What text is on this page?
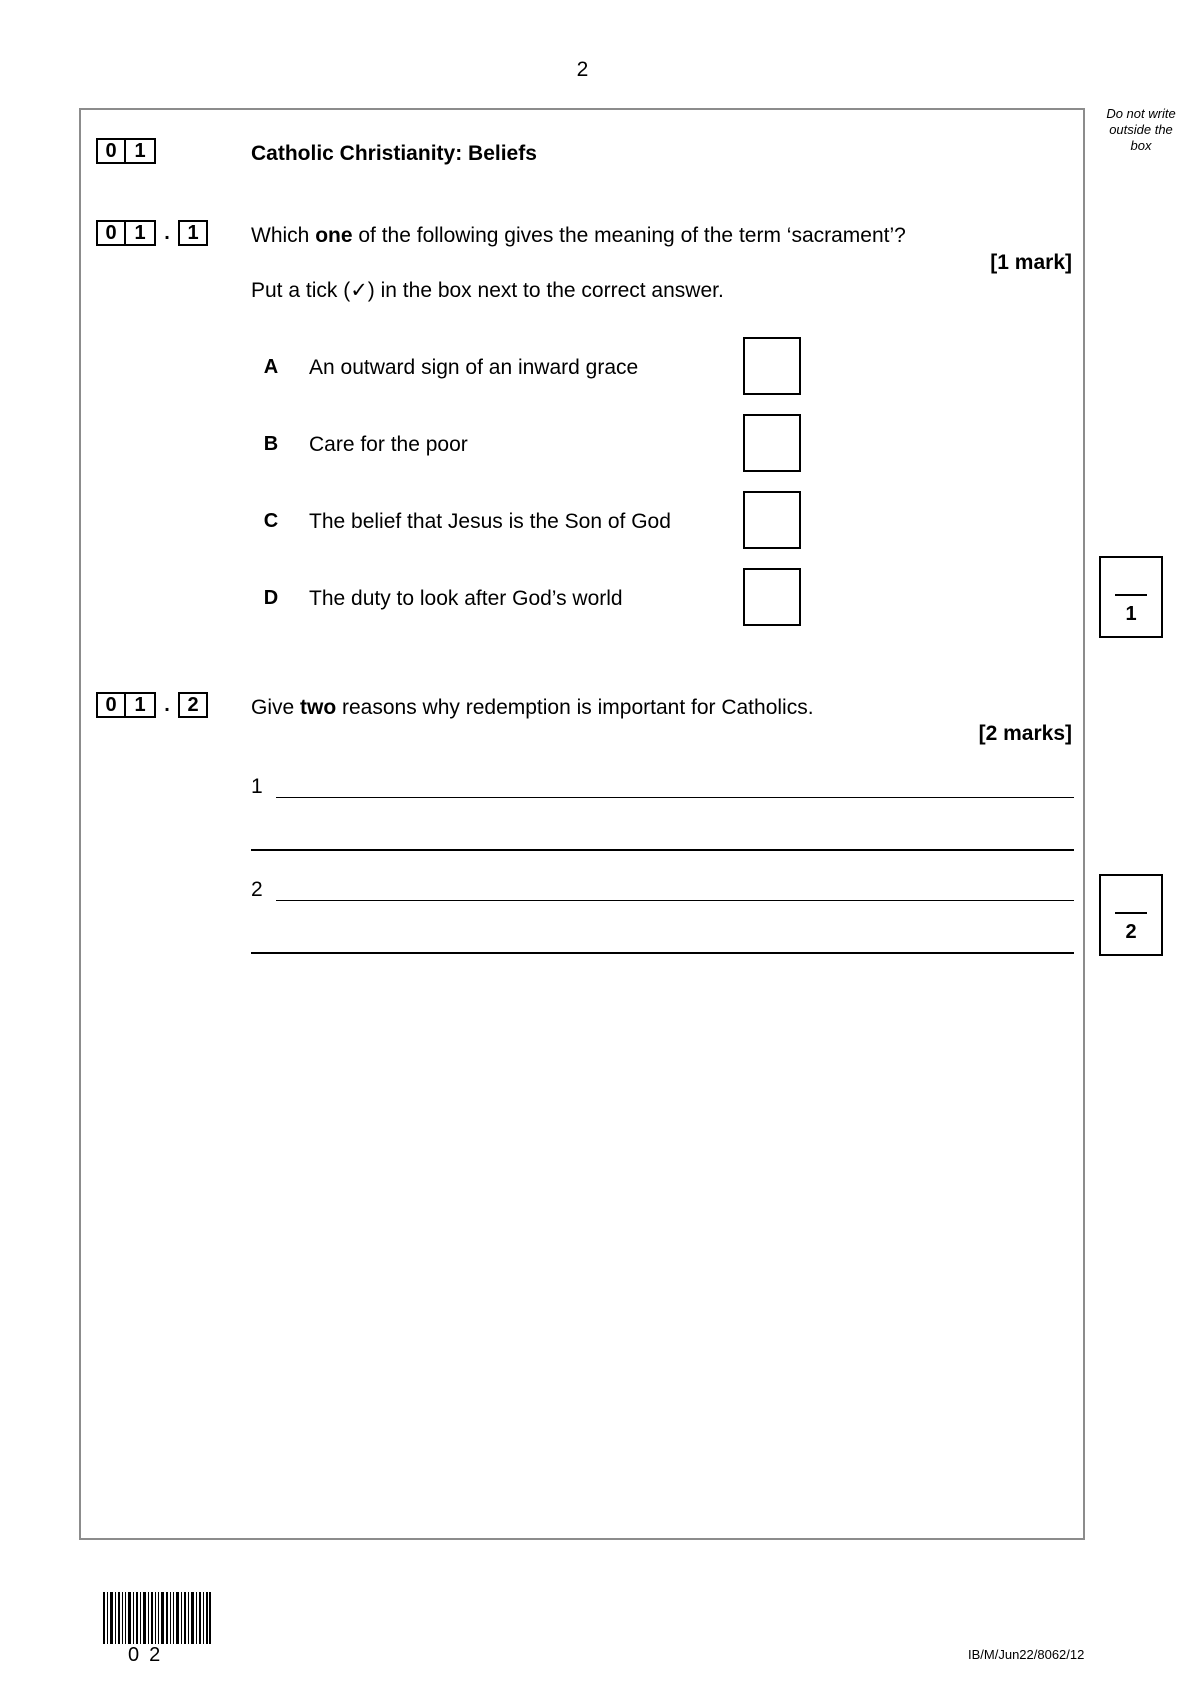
2
Do not write
outside the
box
0 1	Catholic Christianity: Beliefs
0 1 . 1	Which one of the following gives the meaning of the term ‘sacrament’?
[1 mark]
Put a tick (✓) in the box next to the correct answer.
A	An outward sign of an inward grace
B	Care for the poor
C	The belief that Jesus is the Son of God
D	The duty to look after God’s world
1
0 1 . 2	Give two reasons why redemption is important for Catholics.
[2 marks]
1
2
2
02	IB/M/Jun22/8062/12
